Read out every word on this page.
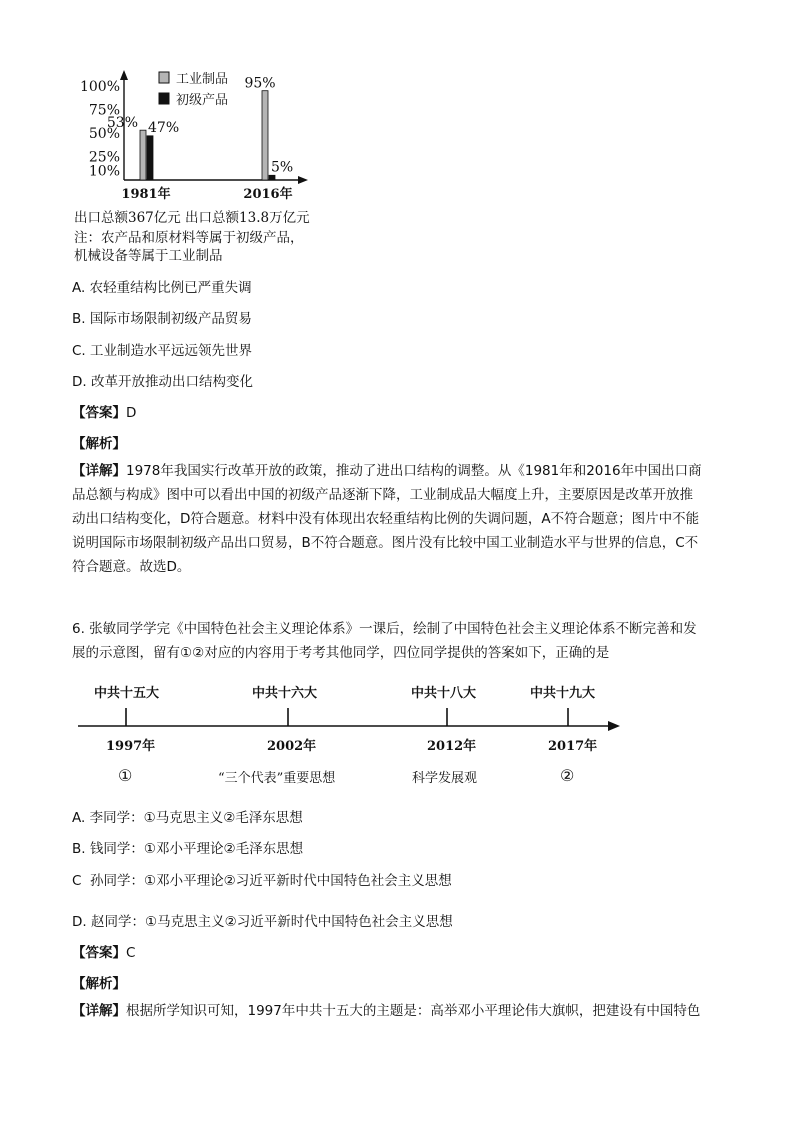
100%
75%
50%
25%
10%
工业制品
初级产品
53% 47%
1981年
95%
5%
2016年
出口总额367亿元 出口总额13.8万亿元
注：农产品和原材料等属于初级产品，
机械设备等属于工业制品
A. 农轻重结构比例已严重失调
B. 国际市场限制初级产品贸易
C. 工业制造水平远远领先世界
D. 改革开放推动出口结构变化
【答案】D
【解析】
【详解】1978年我国实行改革开放的政策，推动了进出口结构的调整。从《1981年和2016年中国出口商
品总额与构成》图中可以看出中国的初级产品逐渐下降，工业制成品大幅度上升，主要原因是改革开放推
动出口结构变化，D符合题意。材料中没有体现出农轻重结构比例的失调问题，A不符合题意；图片中不能
说明国际市场限制初级产品出口贸易，B不符合题意。图片没有比较中国工业制造水平与世界的信息，C不
符合题意。故选D。
6. 张敏同学学完《中国特色社会主义理论体系》一课后，绘制了中国特色社会主义理论体系不断完善和发
展的示意图，留有①②对应的内容用于考考其他同学，四位同学提供的答案如下，正确的是
中共十五大	中共十六大	中共十八大	中共十九大
1997年	2002年	2012年	2017年
①	“三个代表”重要思想	科学发展观	②
A. 李同学：①马克思主义②毛泽东思想
B. 钱同学：①邓小平理论②毛泽东思想
C 孙同学：①邓小平理论②习近平新时代中国特色社会主义思想
D. 赵同学：①马克思主义②习近平新时代中国特色社会主义思想
【答案】C
【解析】
【详解】根据所学知识可知，1997年中共十五大的主题是：高举邓小平理论伟大旗帜，把建设有中国特色
